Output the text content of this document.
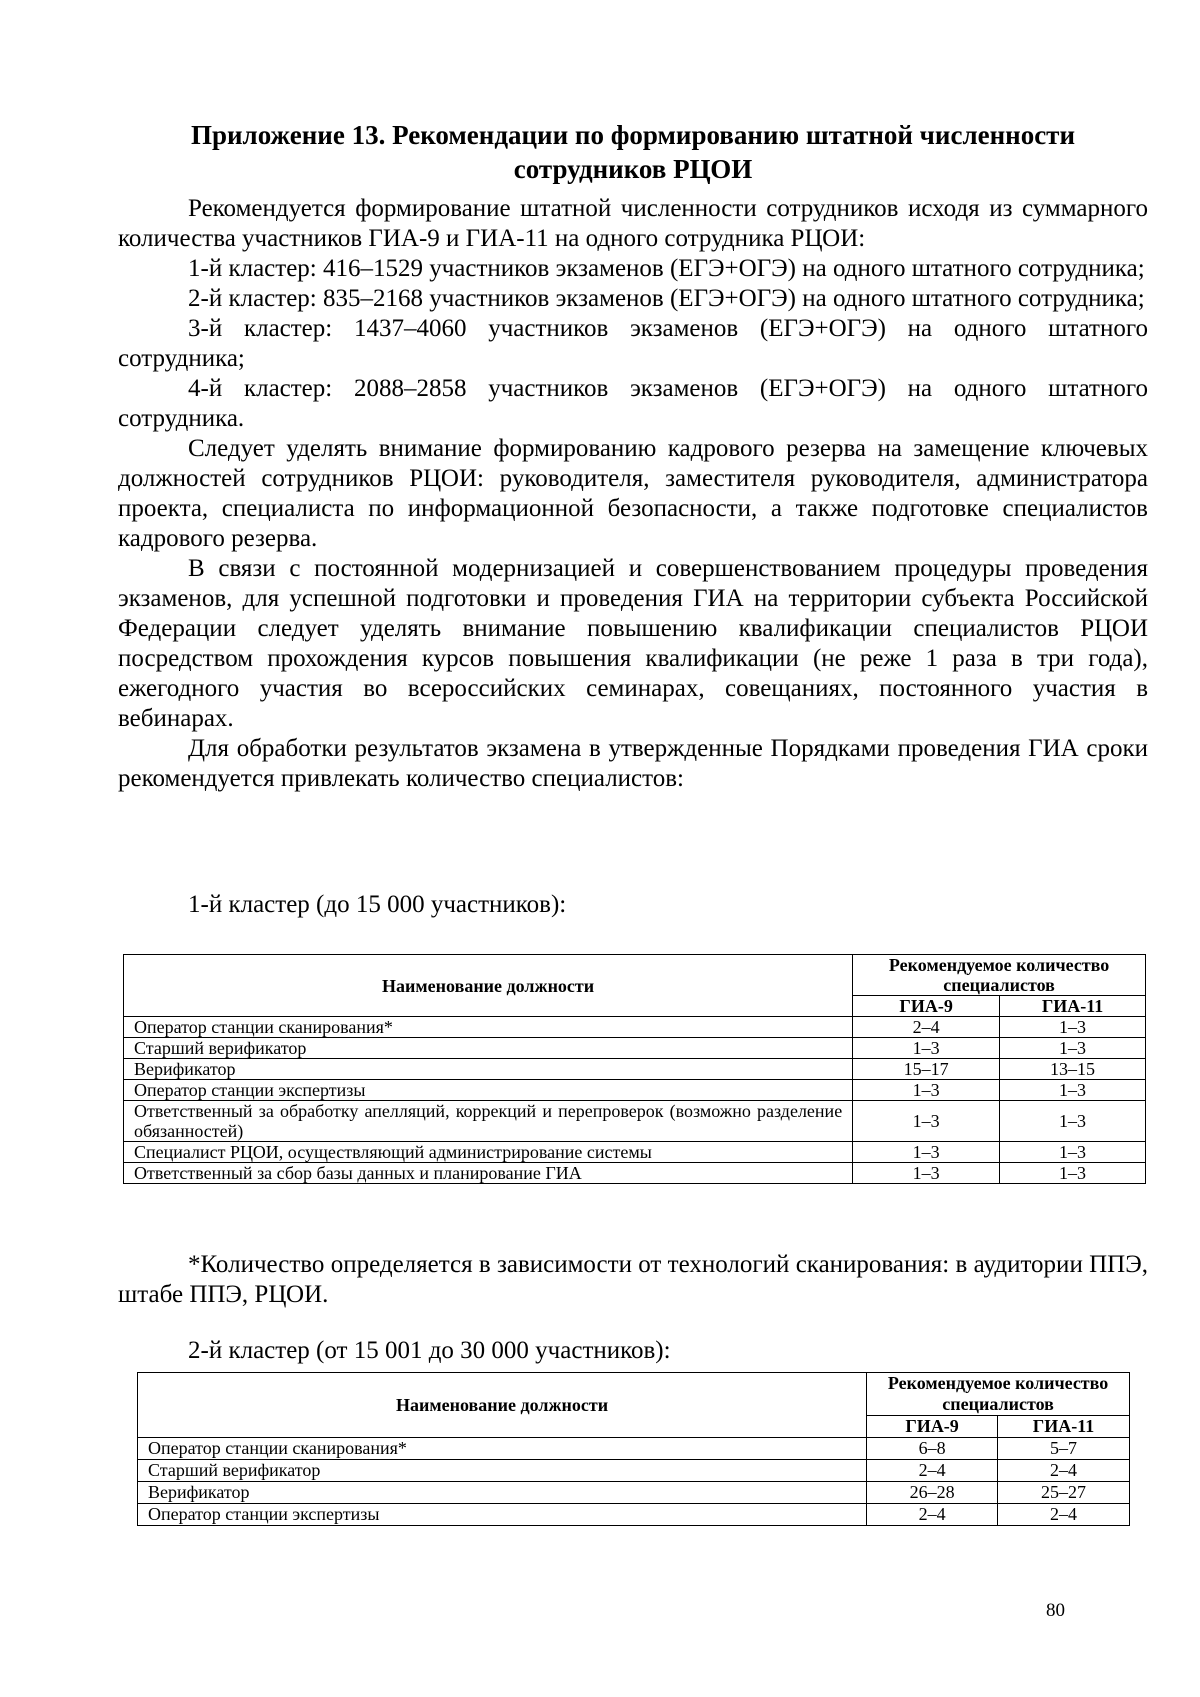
Приложение 13. Рекомендации по формированию штатной численности
сотрудников РЦОИ

Рекомендуется формирование штатной численности сотрудников исходя из суммарного количества участников ГИА-9 и ГИА-11 на одного сотрудника РЦОИ:

1-й кластер: 416–1529 участников экзаменов (ЕГЭ+ОГЭ) на одного штатного сотрудника;

2-й кластер: 835–2168 участников экзаменов (ЕГЭ+ОГЭ) на одного штатного сотрудника;

3-й кластер: 1437–4060 участников экзаменов (ЕГЭ+ОГЭ) на одного штатного сотрудника;

4-й кластер: 2088–2858 участников экзаменов (ЕГЭ+ОГЭ) на одного штатного сотрудника.

Следует уделять внимание формированию кадрового резерва на замещение ключевых должностей сотрудников РЦОИ: руководителя, заместителя руководителя, администратора проекта, специалиста по информационной безопасности, а также подготовке специалистов кадрового резерва.

В связи с постоянной модернизацией и совершенствованием процедуры проведения экзаменов, для успешной подготовки и проведения ГИА на территории субъекта Российской Федерации следует уделять внимание повышению квалификации специалистов РЦОИ посредством прохождения курсов повышения квалификации (не реже 1 раза в три года), ежегодного участия во всероссийских семинарах, совещаниях, постоянного участия в вебинарах.

Для обработки результатов экзамена в утвержденные Порядками проведения ГИА сроки рекомендуется привлекать количество специалистов:

1-й кластер (до 15 000 участников):
Наименование должности	Рекомендуемое количество специалистов	
	ГИА-9	ГИА-11
Оператор станции сканирования*	2–4	1–3
Старший верификатор	1–3	1–3
Верификатор	15–17	13–15
Оператор станции экспертизы	1–3	1–3
Ответственный за обработку апелляций, коррекций и перепроверок (возможно разделение обязанностей)	1–3	1–3
Специалист РЦОИ, осуществляющий администрирование системы	1–3	1–3
Ответственный за сбор базы данных и планирование ГИА	1–3	1–3
*Количество определяется в зависимости от технологий сканирования: в аудитории ППЭ, штабе ППЭ, РЦОИ.
2-й кластер (от 15 001 до 30 000 участников):
Наименование должности	Рекомендуемое количество специалистов	
	ГИА-9	ГИА-11
Оператор станции сканирования*	6–8	5–7
Старший верификатор	2–4	2–4
Верификатор	26–28	25–27
Оператор станции экспертизы	2–4	2–4
80
